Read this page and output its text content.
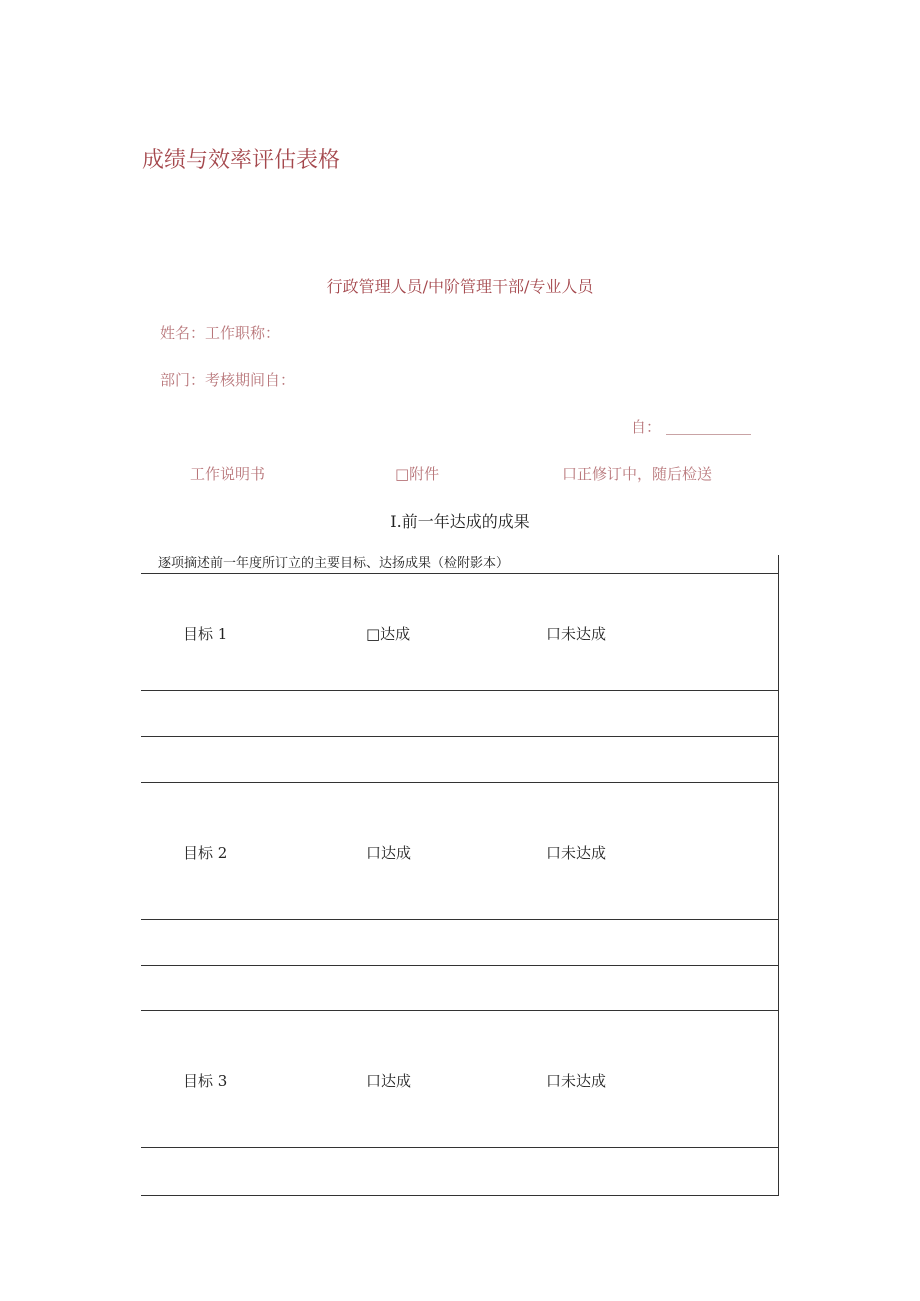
成绩与效率评估表格
行政管理人员/中阶管理干部/专业人员
姓名：工作职称：
部门：考核期间自：
自：
工作说明书	□附件	口正修订中，随后检送
I.前一年达成的成果
逐项摘述前一年度所订立的主要目标、达扬成果（检附影本）
目标 1	□达成	口未达成
目标 2	口达成	口未达成
目标 3	口达成	口未达成
